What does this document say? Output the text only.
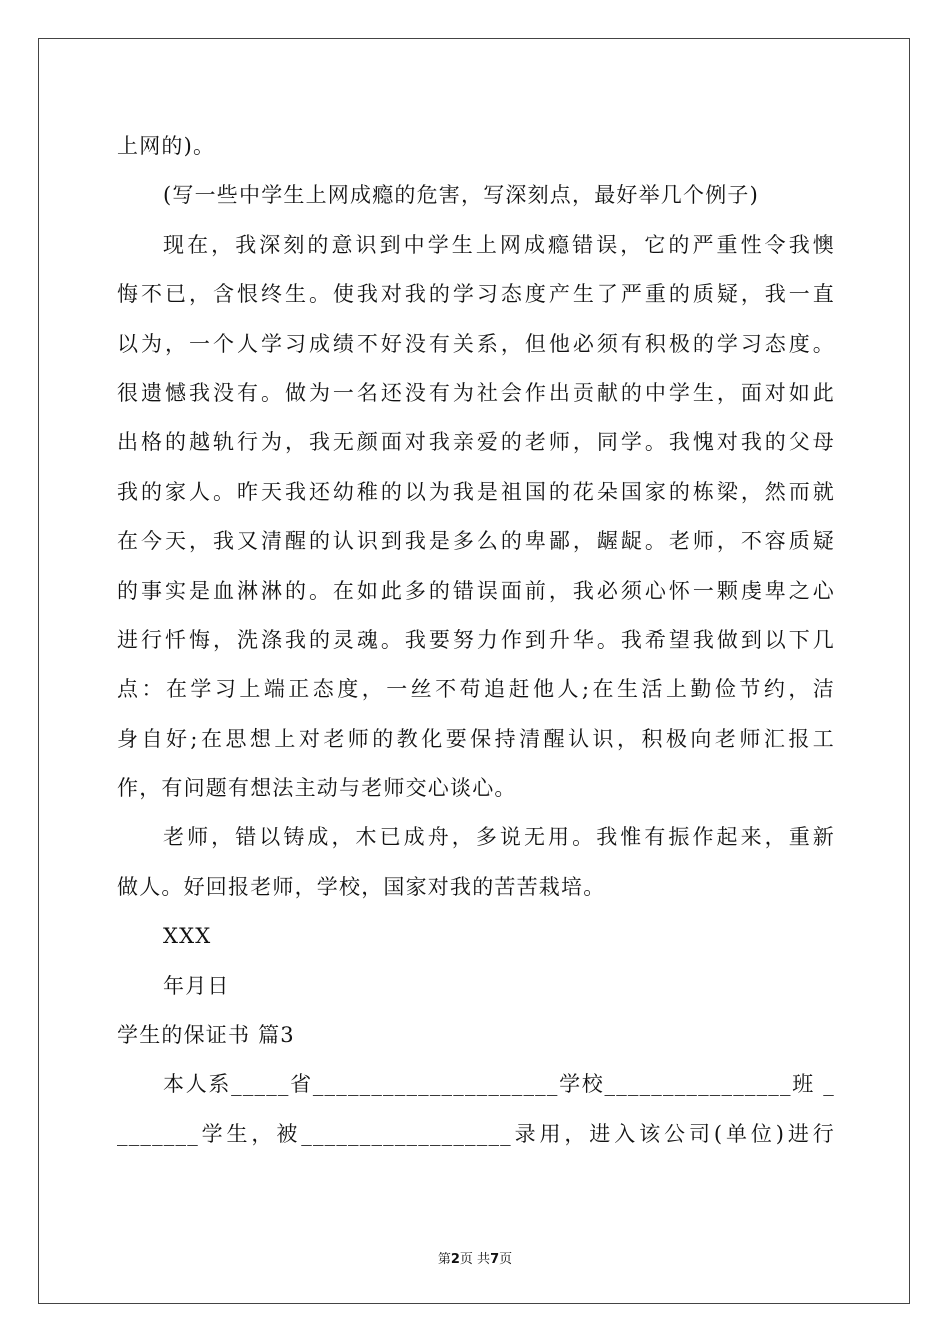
上网的)。
(写一些中学生上网成瘾的危害，写深刻点，最好举几个例子)
现在，我深刻的意识到中学生上网成瘾错误，它的严重性令我懊
悔不已，含恨终生。使我对我的学习态度产生了严重的质疑，我一直
以为，一个人学习成绩不好没有关系，但他必须有积极的学习态度。
很遗憾我没有。做为一名还没有为社会作出贡献的中学生，面对如此
出格的越轨行为，我无颜面对我亲爱的老师，同学。我愧对我的父母
我的家人。昨天我还幼稚的以为我是祖国的花朵国家的栋梁，然而就
在今天，我又清醒的认识到我是多么的卑鄙，龌龊。老师，不容质疑
的事实是血淋淋的。在如此多的错误面前，我必须心怀一颗虔卑之心
进行忏悔，洗涤我的灵魂。我要努力作到升华。我希望我做到以下几
点：在学习上端正态度，一丝不苟追赶他人;在生活上勤俭节约，洁
身自好;在思想上对老师的教化要保持清醒认识，积极向老师汇报工
作，有问题有想法主动与老师交心谈心。
老师，错以铸成，木已成舟，多说无用。我惟有振作起来，重新
做人。好回报老师，学校，国家对我的苦苦栽培。
XXX
年月日
学生的保证书 篇3
本人系_____省_____________________学校________________班 _
_______学生，被__________________录用，进入该公司(单位)进行
第2页 共7页
